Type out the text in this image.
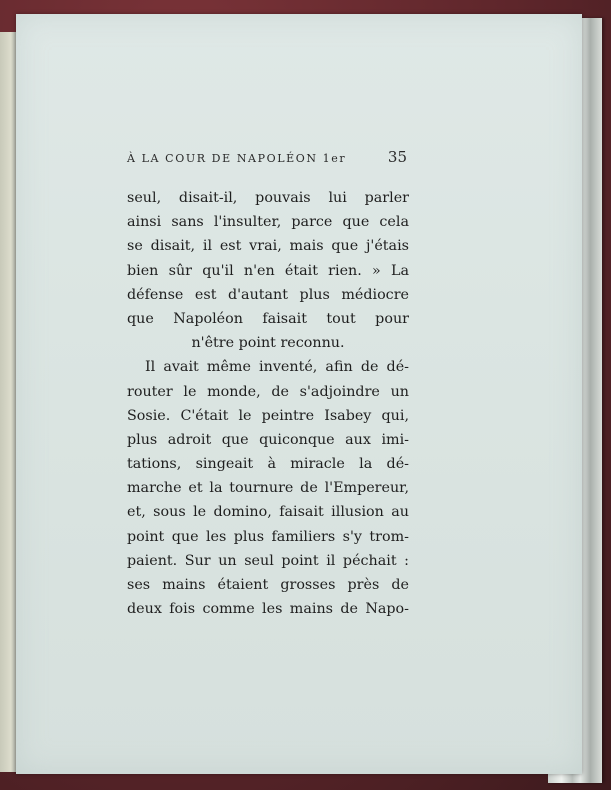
À LA COUR DE NAPOLÉON 1er	35
seul, disait-il, pouvais lui parler
ainsi sans l'insulter, parce que cela
se disait, il est vrai, mais que j'étais
bien sûr qu'il n'en était rien. » La
défense est d'autant plus médiocre
que Napoléon faisait tout pour
n'être point reconnu.
Il avait même inventé, afin de dé-
router le monde, de s'adjoindre un
Sosie. C'était le peintre Isabey qui,
plus adroit que quiconque aux imi-
tations, singeait à miracle la dé-
marche et la tournure de l'Empereur,
et, sous le domino, faisait illusion au
point que les plus familiers s'y trom-
paient. Sur un seul point il péchait :
ses mains étaient grosses près de
deux fois comme les mains de Napo-
